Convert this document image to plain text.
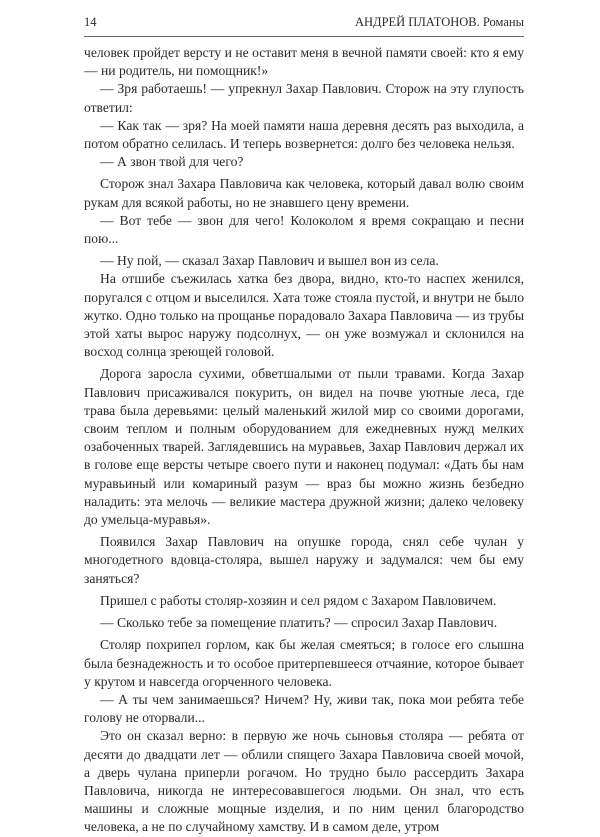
14	АНДРЕЙ ПЛАТОНОВ. Романы

человек пройдет версту и не оставит меня в вечной памяти своей: кто я ему — ни родитель, ни помощник!»

— Зря работаешь! — упрекнул Захар Павлович. Сторож на эту глупость ответил:

— Как так — зря? На моей памяти наша деревня десять раз выходила, а потом обратно селилась. И теперь возвернется: долго без человека нельзя.

— А звон твой для чего?

Сторож знал Захара Павловича как человека, который давал волю своим рукам для всякой работы, но не знавшего цену времени.

— Вот тебе — звон для чего! Колоколом я время сокращаю и песни пою...

— Ну пой, — сказал Захар Павлович и вышел вон из села.

На отшибе съежилась хатка без двора, видно, кто-то наспех женился, поругался с отцом и выселился. Хата тоже стояла пустой, и внутри не было жутко. Одно только на прощанье порадовало Захара Павловича — из трубы этой хаты вырос наружу подсолнух, — он уже возмужал и склонился на восход солнца зреющей головой.

Дорога заросла сухими, обветшалыми от пыли травами. Когда Захар Павлович присаживался покурить, он видел на почве уютные леса, где трава была деревьями: целый маленький жилой мир со своими дорогами, своим теплом и полным оборудованием для ежедневных нужд мелких озабоченных тварей. Заглядевшись на муравьев, Захар Павлович держал их в голове еще версты четыре своего пути и наконец подумал: «Дать бы нам муравьиный или комариный разум — враз бы можно жизнь безбедно наладить: эта мелочь — великие мастера дружной жизни; далеко человеку до умельца-муравья».

Появился Захар Павлович на опушке города, снял себе чулан у многодетного вдовца-столяра, вышел наружу и задумался: чем бы ему заняться?

Пришел с работы столяр-хозяин и сел рядом с Захаром Павловичем.

— Сколько тебе за помещение платить? — спросил Захар Павлович.

Столяр похрипел горлом, как бы желая смеяться; в голосе его слышна была безнадежность и то особое притерпевшееся отчаяние, которое бывает у крутом и навсегда огорченного человека.

— А ты чем занимаешься? Ничем? Ну, живи так, пока мои ребята тебе голову не оторвали...

Это он сказал верно: в первую же ночь сыновья столяра — ребята от десяти до двадцати лет — облили спящего Захара Павловича своей мочой, а дверь чулана приперли рогачом. Но трудно было рассердить Захара Павловича, никогда не интересовавшегося людьми. Он знал, что есть машины и сложные мощные изделия, и по ним ценил благородство человека, а не по случайному хамству. И в самом деле, утром
